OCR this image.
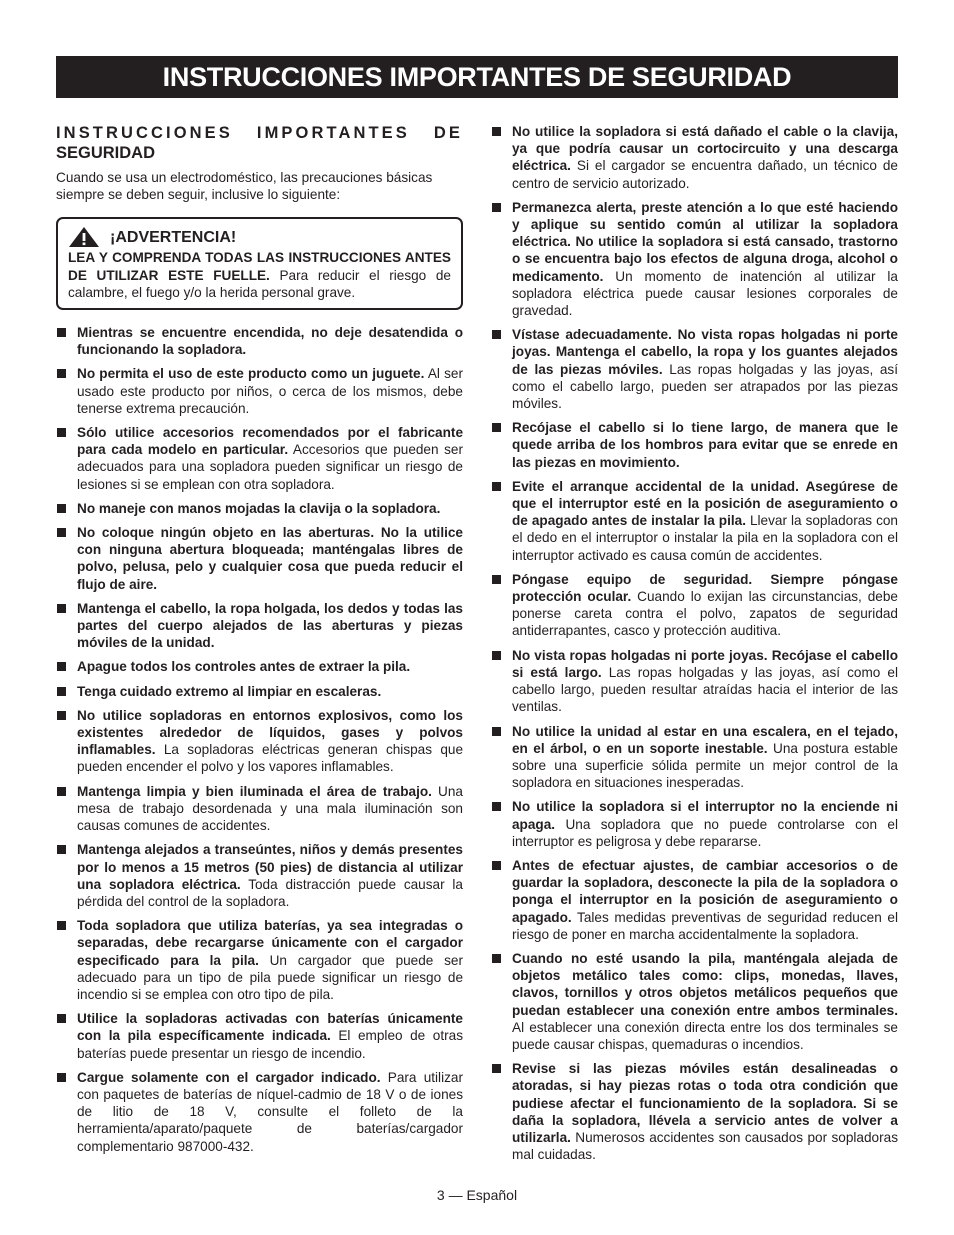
INSTRUCCIONES IMPORTANTES DE SEGURIDAD
INSTRUCCIONES IMPORTANTES DE
SEGURIDAD

Cuando se usa un electrodoméstico, las precauciones básicas siempre se deben seguir, inclusive lo siguiente:

¡ADVERTENCIA!
LEA Y COMPRENDA TODAS LAS INSTRUCCIONES ANTES DE UTILIZAR ESTE FUELLE. Para reducir el riesgo de calambre, el fuego y/o la herida personal grave.
Mientras se encuentre encendida, no deje desatendida o funcionando la sopladora.
No permita el uso de este producto como un juguete. Al ser usado este producto por niños, o cerca de los mismos, debe tenerse extrema precaución.
Sólo utilice accesorios recomendados por el fabricante para cada modelo en particular. Accesorios que pueden ser adecuados para una sopladora pueden significar un riesgo de lesiones si se emplean con otra sopladora.
No maneje con manos mojadas la clavija o la sopladora.
No coloque ningún objeto en las aberturas. No la utilice con ninguna abertura bloqueada; manténgalas libres de polvo, pelusa, pelo y cualquier cosa que pueda reducir el flujo de aire.
Mantenga el cabello, la ropa holgada, los dedos y todas las partes del cuerpo alejados de las aberturas y piezas móviles de la unidad.
Apague todos los controles antes de extraer la pila.
Tenga cuidado extremo al limpiar en escaleras.
No utilice sopladoras en entornos explosivos, como los existentes alrededor de líquidos, gases y polvos inflamables. La sopladoras eléctricas generan chispas que pueden encender el polvo y los vapores inflamables.
Mantenga limpia y bien iluminada el área de trabajo. Una mesa de trabajo desordenada y una mala iluminación son causas comunes de accidentes.
Mantenga alejados a transeúntes, niños y demás presentes por lo menos a 15 metros (50 pies) de distancia al utilizar una sopladora eléctrica. Toda distracción puede causar la pérdida del control de la sopladora.
Toda sopladora que utiliza baterías, ya sea integradas o separadas, debe recargarse únicamente con el cargador especificado para la pila. Un cargador que puede ser adecuado para un tipo de pila puede significar un riesgo de incendio si se emplea con otro tipo de pila.
Utilice la sopladoras activadas con baterías únicamente con la pila específicamente indicada. El empleo de otras baterías puede presentar un riesgo de incendio.
Cargue solamente con el cargador indicado. Para utilizar con paquetes de baterías de níquel-cadmio de 18 V o de iones de litio de 18 V, consulte el folleto de la herramienta/aparato/paquete de baterías/cargador complementario 987000-432.
No utilice la sopladora si está dañado el cable o la clavija, ya que podría causar un cortocircuito y una descarga eléctrica. Si el cargador se encuentra dañado, un técnico de centro de servicio autorizado.
Permanezca alerta, preste atención a lo que esté haciendo y aplique su sentido común al utilizar la sopladora eléctrica. No utilice la sopladora si está cansado, trastorno o se encuentra bajo los efectos de alguna droga, alcohol o medicamento. Un momento de inatención al utilizar la sopladora eléctrica puede causar lesiones corporales de gravedad.
Vístase adecuadamente. No vista ropas holgadas ni porte joyas. Mantenga el cabello, la ropa y los guantes alejados de las piezas móviles. Las ropas holgadas y las joyas, así como el cabello largo, pueden ser atrapados por las piezas móviles.
Recójase el cabello si lo tiene largo, de manera que le quede arriba de los hombros para evitar que se enrede en las piezas en movimiento.
Evite el arranque accidental de la unidad. Asegúrese de que el interruptor esté en la posición de aseguramiento o de apagado antes de instalar la pila. Llevar la sopladoras con el dedo en el interruptor o instalar la pila en la sopladora con el interruptor activado es causa común de accidentes.
Póngase equipo de seguridad. Siempre póngase protección ocular. Cuando lo exijan las circunstancias, debe ponerse careta contra el polvo, zapatos de seguridad antiderrapantes, casco y protección auditiva.
No vista ropas holgadas ni porte joyas. Recójase el cabello si está largo. Las ropas holgadas y las joyas, así como el cabello largo, pueden resultar atraídas hacia el interior de las ventilas.
No utilice la unidad al estar en una escalera, en el tejado, en el árbol, o en un soporte inestable. Una postura estable sobre una superficie sólida permite un mejor control de la sopladora en situaciones inesperadas.
No utilice la sopladora si el interruptor no la enciende ni apaga. Una sopladora que no puede controlarse con el interruptor es peligrosa y debe repararse.
Antes de efectuar ajustes, de cambiar accesorios o de guardar la sopladora, desconecte la pila de la sopladora o ponga el interruptor en la posición de aseguramiento o apagado. Tales medidas preventivas de seguridad reducen el riesgo de poner en marcha accidentalmente la sopladora.
Cuando no esté usando la pila, manténgala alejada de objetos metálico tales como: clips, monedas, llaves, clavos, tornillos y otros objetos metálicos pequeños que puedan establecer una conexión entre ambos terminales. Al establecer una conexión directa entre los dos terminales se puede causar chispas, quemaduras o incendios.
Revise si las piezas móviles están desalineadas o atoradas, si hay piezas rotas o toda otra condición que pudiese afectar el funcionamiento de la sopladora. Si se daña la sopladora, llévela a servicio antes de volver a utilizarla. Numerosos accidentes son causados por sopladoras mal cuidadas.
3 — Español
